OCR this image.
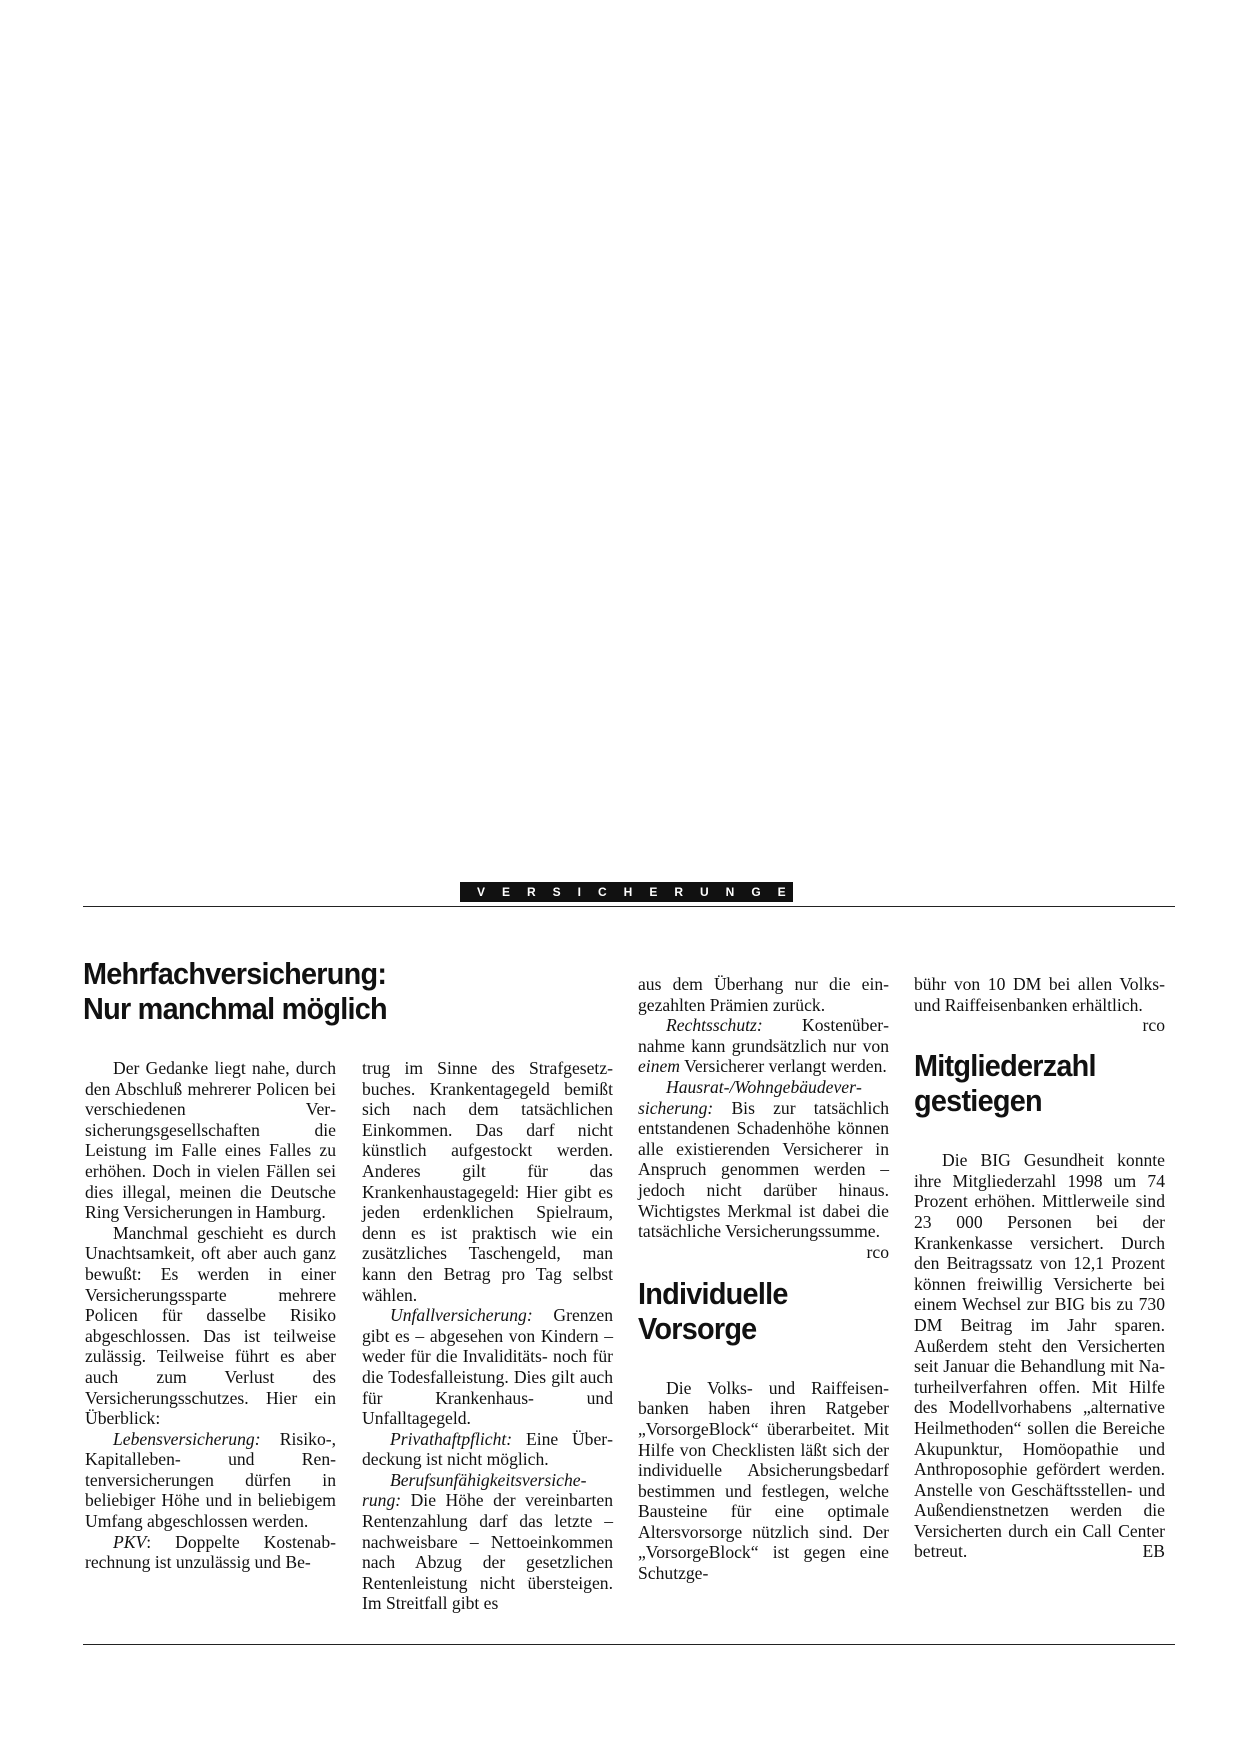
VERSICHERUNGEN
Mehrfachversicherung:
Nur manchmal möglich

Der Gedanke liegt nahe, durch den Abschluß mehrerer Policen bei verschiedenen Versicherungsgesellschaften die Leistung im Falle eines Falles zu erhöhen. Doch in vielen Fällen sei dies illegal, meinen die Deutsche Ring Versicherungen in Hamburg.

Manchmal geschieht es durch Unachtsamkeit, oft aber auch ganz bewußt: Es werden in einer Versicherungssparte mehrere Policen für dasselbe Risiko abgeschlossen. Das ist teilweise zulässig. Teilweise führt es aber auch zum Verlust des Versicherungsschutzes. Hier ein Überblick:

Lebensversicherung: Risiko-, Kapitalleben- und Rentenversicherungen dürfen in beliebiger Höhe und in beliebigem Umfang abgeschlossen werden.

PKV: Doppelte Kostenabrechnung ist unzulässig und Be-

trug im Sinne des Strafgesetzbuches. Krankentagegeld bemißt sich nach dem tatsächlichen Einkommen. Das darf nicht künstlich aufgestockt werden. Anderes gilt für das Krankenhaustagegeld: Hier gibt es jeden erdenklichen Spielraum, denn es ist praktisch wie ein zusätzliches Taschengeld, man kann den Betrag pro Tag selbst wählen.

Unfallversicherung: Grenzen gibt es – abgesehen von Kindern – weder für die Invaliditäts- noch für die Todesfalleistung. Dies gilt auch für Krankenhaus- und Unfalltagegeld.

Privathaftpflicht: Eine Überdeckung ist nicht möglich.

Berufsunfähigkeitsversicherung: Die Höhe der vereinbarten Rentenzahlung darf das letzte – nachweisbare – Nettoeinkommen nach Abzug der gesetzlichen Rentenleistung nicht übersteigen. Im Streitfall gibt es

aus dem Überhang nur die eingezahlten Prämien zurück.

Rechtsschutz: Kostenübernahme kann grundsätzlich nur von einem Versicherer verlangt werden.

Hausrat-/Wohngebäudeversicherung: Bis zur tatsächlich entstandenen Schadenhöhe können alle existierenden Versicherer in Anspruch genommen werden – jedoch nicht darüber hinaus. Wichtigstes Merkmal ist dabei die tatsächliche Versicherungssumme.
rco

Individuelle
Vorsorge

Die Volks- und Raiffeisenbanken haben ihren Ratgeber „VorsorgeBlock“ überarbeitet. Mit Hilfe von Checklisten läßt sich der individuelle Absicherungsbedarf bestimmen und festlegen, welche Bausteine für eine optimale Altersvorsorge nützlich sind. Der „VorsorgeBlock“ ist gegen eine Schutzge-

bühr von 10 DM bei allen Volks- und Raiffeisenbanken erhältlich.
rco

Mitgliederzahl
gestiegen

Die BIG Gesundheit konnte ihre Mitgliederzahl 1998 um 74 Prozent erhöhen. Mittlerweile sind 23 000 Personen bei der Krankenkasse versichert. Durch den Beitragssatz von 12,1 Prozent können freiwillig Versicherte bei einem Wechsel zur BIG bis zu 730 DM Beitrag im Jahr sparen. Außerdem steht den Versicherten seit Januar die Behandlung mit Naturheilverfahren offen. Mit Hilfe des Modellvorhabens „alternative Heilmethoden“ sollen die Bereiche Akupunktur, Homöopathie und Anthroposophie gefördert werden. Anstelle von Geschäftsstellen- und Außendienstnetzen werden die Versicherten durch ein Call Center betreut.	EB
